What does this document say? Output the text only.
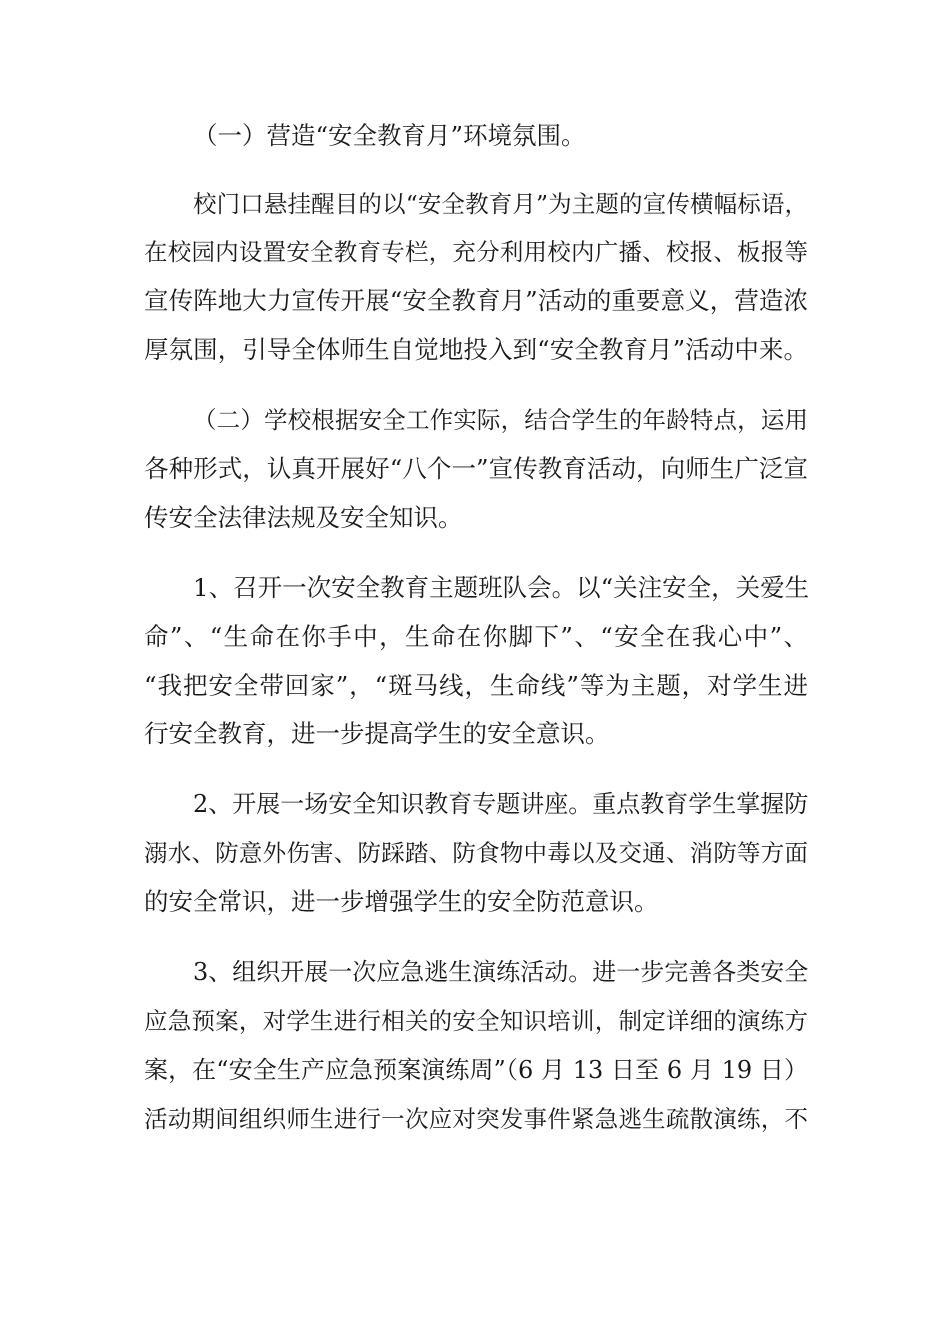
（一）营造“安全教育月”环境氛围。
校门口悬挂醒目的以“安全教育月”为主题的宣传横幅标语，
在校园内设置安全教育专栏，充分利用校内广播、校报、板报等
宣传阵地大力宣传开展“安全教育月”活动的重要意义，营造浓
厚氛围，引导全体师生自觉地投入到“安全教育月”活动中来。
（二）学校根据安全工作实际，结合学生的年龄特点，运用
各种形式，认真开展好“八个一”宣传教育活动，向师生广泛宣
传安全法律法规及安全知识。
1、召开一次安全教育主题班队会。以“关注安全，关爱生
命”、“生命在你手中，生命在你脚下”、“安全在我心中”、
“我把安全带回家”，“斑马线，生命线”等为主题，对学生进
行安全教育，进一步提高学生的安全意识。
2、开展一场安全知识教育专题讲座。重点教育学生掌握防
溺水、防意外伤害、防踩踏、防食物中毒以及交通、消防等方面
的安全常识，进一步增强学生的安全防范意识。
3、组织开展一次应急逃生演练活动。进一步完善各类安全
应急预案，对学生进行相关的安全知识培训，制定详细的演练方
案，在“安全生产应急预案演练周”（6 月 13 日至 6 月 19 日）
活动期间组织师生进行一次应对突发事件紧急逃生疏散演练，不
